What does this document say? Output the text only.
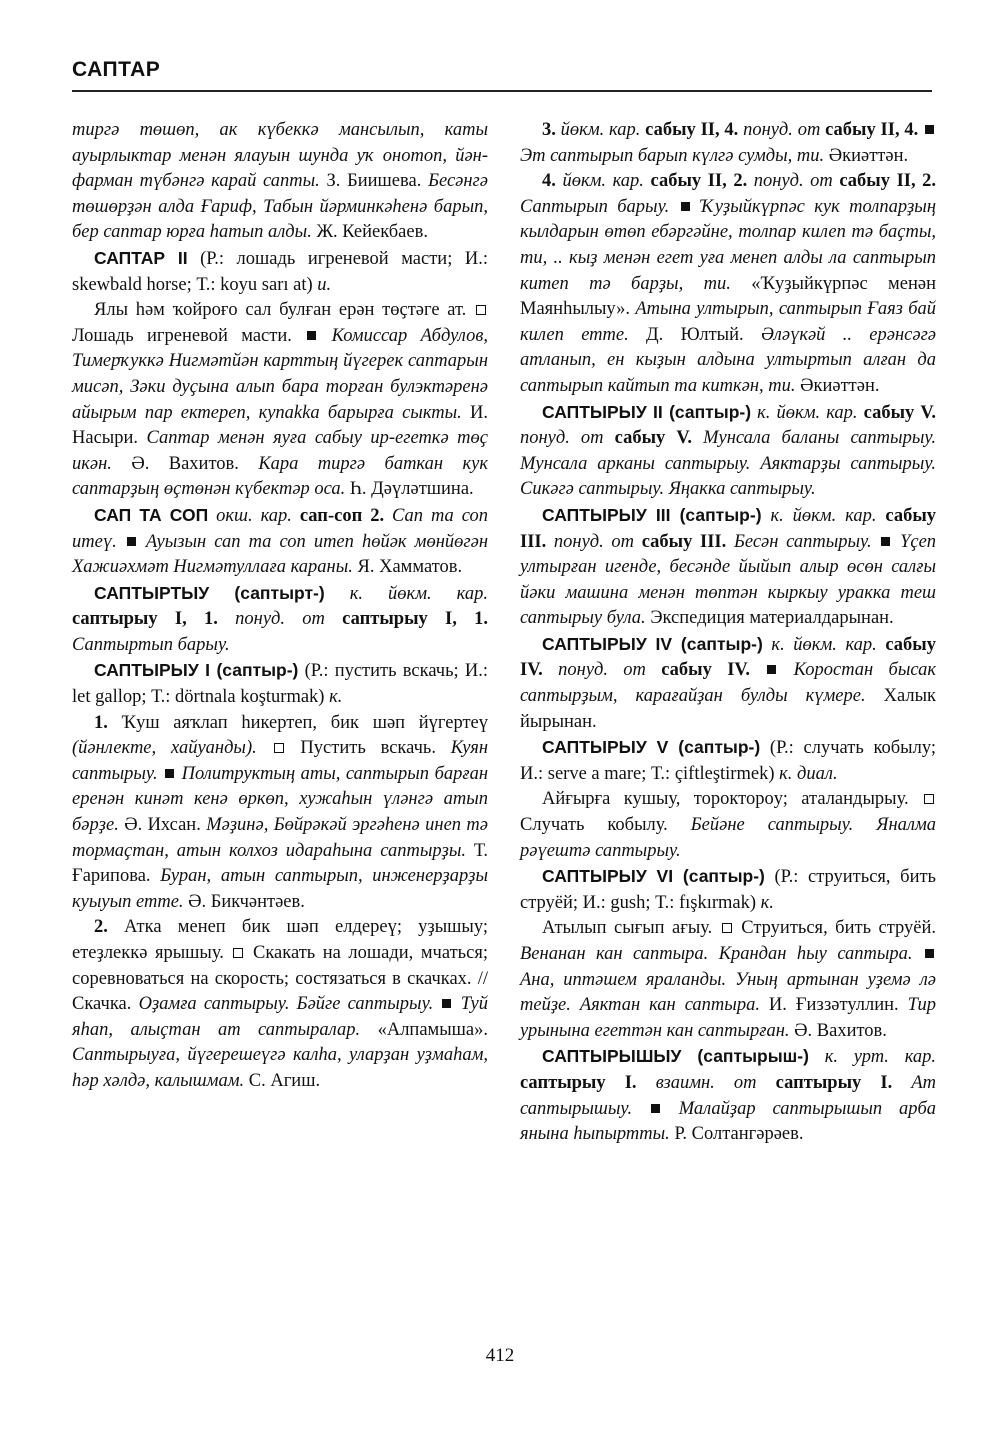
САПТАР

тиргә төшөп, ак күбеккә мансылып, каты ауырлыктар менән ялауын шунда уҡ онотоп, йән-фарман түбәнгә карай сапты. З. Биишева. Бесәнгә төшөрҙән алда Ғариф, Табын йәрминкәһенә барып, бер саптар юрға һатып алды. Ж. Кейекбаев.

САПТАР II (Р.: лошадь игреневой масти; И.: skewbald horse; Т.: koyu sarı at) и.

Ялы һәм ҡойроғо сал булған ерән төҫтәге ат.  Лошадь игреневой масти.  Комиссар Абдулов, Тимерҡуккә Нигмәтйән карттың йүгерек саптарын мисәп, Зәки дуҫына алып бара торған булэктәренә айырым пар ектереп, куnаkka барырға сыкты. И. Насыри. Саптар менән яуға сабыу ир-егеткә төҫ икән. Ә. Вахитов. Кара тиргә баткан кук саптарҙың өҫтөнән күбектәр оса. Һ. Дәүләтшина.

САП ТА СОП окш. кар. сап-соп 2. Сап та соп итеү. Ауызын сап та соп итеп һөйәк мөнйөгән Хажиәхмәт Нигмәтуллаға караны. Я. Хамматов.

САПТЫРТЫУ (саптырт-) к. йөкм. кар. саптырыу I, 1. понуд. от саптырыу I, 1. Саптыртып барыу.

САПТЫРЫУ I (саптыр-) (Р.: пустить вскачь; И.: let gallop; Т.: dörtnala koşturmak) к.

1. Ҡуш аяҡлап һикертеп, бик шәп йүгертеү (йәнлекте, хайуанды).  Пустить вскачь. Куян саптырыу. Политруктың аты, саптырып барған еренән кинәт кенә өркөп, хужаһын үләнгә атып бәрҙе. Ә. Ихсан. Мәҙинә, Бөйрәкәй эргәһенә инеп тә тормаҫтан, атын колхоз идараһына саптырҙы. Т. Ғарипова. Буран, атын саптырып, инженерҙарҙы куыуып етте. Ә. Бикчәнтәев.

2. Атка менеп бик шәп елдереү; уҙышыу; етеҙлеккә ярышыу.  Скакать на лошади, мчаться; соревноваться на скорость; состязаться в скачках. // Скачка. Оҙамға саптырыу. Бәйге саптырыу. Туй яһап, алыҫтан ат саптыралар. «Алпамыша». Саптырыуға, йүгерешеүгә калһа, уларҙан уҙмаһам, һәр хәлдә, калышмам. С. Агиш.

3. йөкм. кар. сабыу II, 4. понуд. от сабыу II, 4.  Эт саптырып барып күлгә сумды, ти. Әкиәттән.

4. йөкм. кар. сабыу II, 2. понуд. от сабыу II, 2. Саптырып барыу. Ҡуҙыйкүрпәс кук толпарҙың кылдарын өтөп ебәргәйне, толпар килеп тә баҫты, ти, .. кыҙ менән егет уға менеп алды ла саптырып китеп тә барҙы, ти. «Ҡуҙыйкүрпәс менән Маянһылыу». Атына ултырып, саптырып Ғаяз бай килеп етте. Д. Юлтый. Әләүкәй .. ерәнсәгә атланып, ен кыҙын алдына ултыртып алған да саптырып кайтып та киткән, ти. Әкиәттән.

САПТЫРЫУ II (саптыр-) к. йөкм. кар. сабыу V. понуд. от сабыу V. Мунсала баланы саптырыу. Мунсала арканы саптырыу. Аяктарҙы саптырыу. Сикәгә саптырыу. Яңакка саптырыу.

САПТЫРЫУ III (саптыр-) к. йөкм. кар. сабыу III. понуд. от сабыу III. Бесән саптырыу. Үҫеп ултырған игенде, бесәнде йыйып алыр өсөн салғы йәки машина менән төптән кыркыу уракка теш саптырыу була. Экспедиция материалдарынан.

САПТЫРЫУ IV (саптыр-) к. йөкм. кар. сабыу IV. понуд. от сабыу IV. Коростан бысак саптырҙым, карағайҙан булды күмере. Халык йырынан.

САПТЫРЫУ V (саптыр-) (Р.: случать кобылу; И.: serve a mare; Т.: çiftleştirmek) к. диал.

Айғырға кушыу, торокторoу; аталандырыу.  Случать кобылу. Бейәне саптырыу. Яналма рәүештә саптырыу.

САПТЫРЫУ VI (саптыр-) (Р.: струиться, бить струёй; И.: gush; Т.: fışkırmak) к.

Атылып сығып ағыу.  Струиться, бить струёй. Венанан кан саптыра. Крандан һыу саптыра.  Ана, иптәшем яраланды. Уның артынан уҙемә лә тейҙе. Аяктан кан саптыра. И. Ғиззәтуллин. Тир урынына егеттән кан саптырған. Ә. Вахитов.

САПТЫРЫШЫУ (саптырыш-) к. урт. кар. саптырыу I. взаимн. от саптырыу I. Ат саптырышыу.	Малайҙар саптырышып арба янына һыпыртты. Р. Солтангәрәев.

412
